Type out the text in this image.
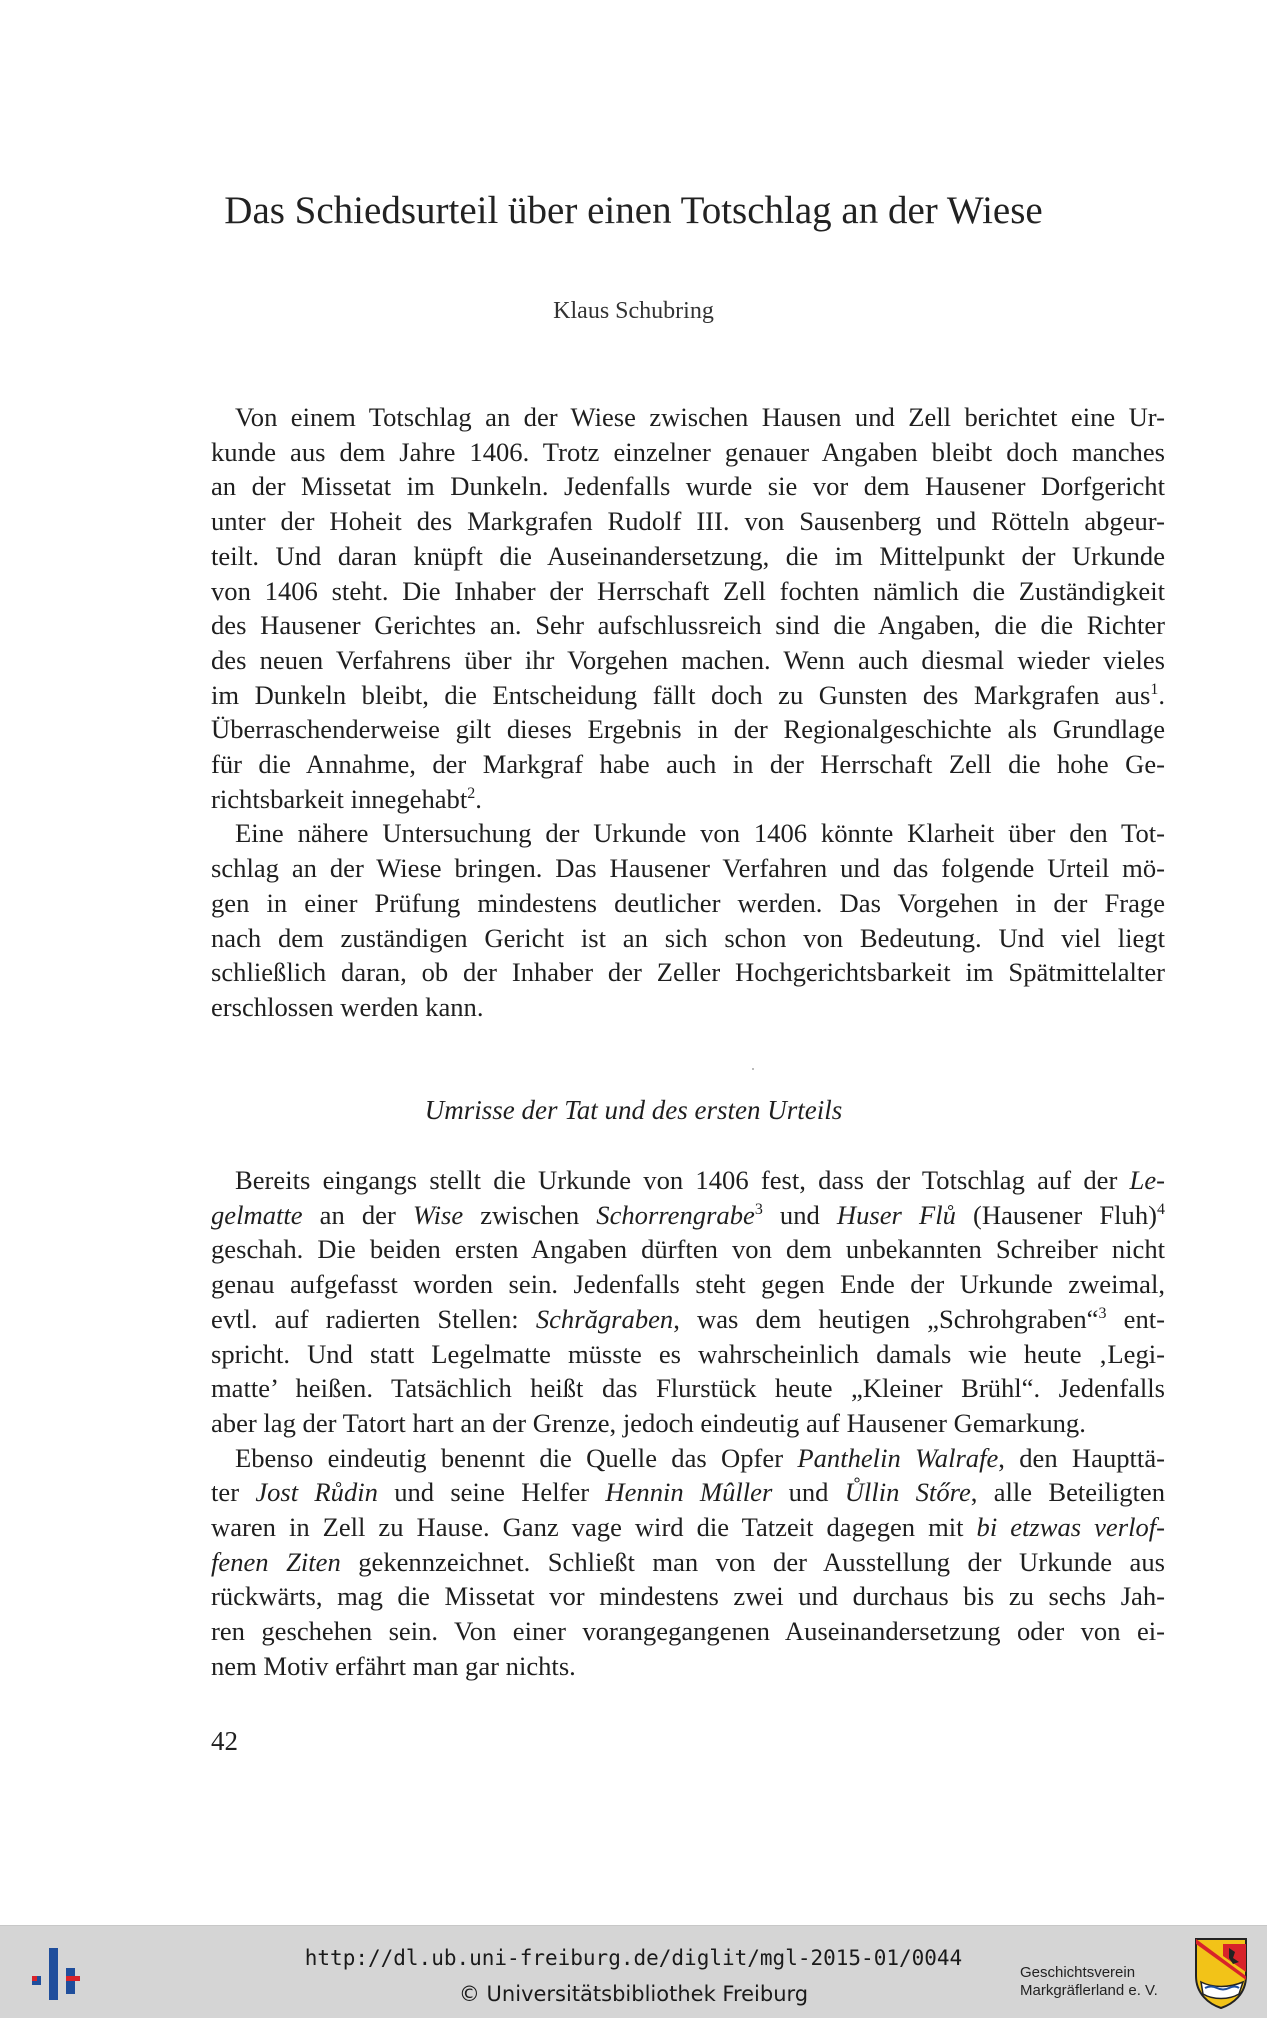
Das Schiedsurteil über einen Totschlag an der Wiese
Klaus Schubring
Von einem Totschlag an der Wiese zwischen Hausen und Zell berichtet eine Ur-
kunde aus dem Jahre 1406. Trotz einzelner genauer Angaben bleibt doch manches
an der Missetat im Dunkeln. Jedenfalls wurde sie vor dem Hausener Dorfgericht
unter der Hoheit des Markgrafen Rudolf III. von Sausenberg und Rötteln abgeur-
teilt. Und daran knüpft die Auseinandersetzung, die im Mittelpunkt der Urkunde
von 1406 steht. Die Inhaber der Herrschaft Zell fochten nämlich die Zuständigkeit
des Hausener Gerichtes an. Sehr aufschlussreich sind die Angaben, die die Richter
des neuen Verfahrens über ihr Vorgehen machen. Wenn auch diesmal wieder vieles
im Dunkeln bleibt, die Entscheidung fällt doch zu Gunsten des Markgrafen aus$^1$.
Überraschenderweise gilt dieses Ergebnis in der Regionalgeschichte als Grundlage
für die Annahme, der Markgraf habe auch in der Herrschaft Zell die hohe Ge-
richtsbarkeit innegehabt$^2$.
Eine nähere Untersuchung der Urkunde von 1406 könnte Klarheit über den Tot-
schlag an der Wiese bringen. Das Hausener Verfahren und das folgende Urteil mö-
gen in einer Prüfung mindestens deutlicher werden. Das Vorgehen in der Frage
nach dem zuständigen Gericht ist an sich schon von Bedeutung. Und viel liegt
schließlich daran, ob der Inhaber der Zeller Hochgerichtsbarkeit im Spätmittelalter
erschlossen werden kann.
Umrisse der Tat und des ersten Urteils
Bereits eingangs stellt die Urkunde von 1406 fest, dass der Totschlag auf der Le-
gelmatte an der Wise zwischen Schorrengrabe$^3$ und Huser Flů (Hausener Fluh)$^4$
geschah. Die beiden ersten Angaben dürften von dem unbekannten Schreiber nicht
genau aufgefasst worden sein. Jedenfalls steht gegen Ende der Urkunde zweimal,
evtl. auf radierten Stellen: Schrăgraben, was dem heutigen „Schrohgraben“$^3$ ent-
spricht. Und statt Legelmatte müsste es wahrscheinlich damals wie heute ‚Legi-
matte’ heißen. Tatsächlich heißt das Flurstück heute „Kleiner Brühl“. Jedenfalls
aber lag der Tatort hart an der Grenze, jedoch eindeutig auf Hausener Gemarkung.
Ebenso eindeutig benennt die Quelle das Opfer Panthelin Walrafe, den Haupttä-
ter Jost Růdin und seine Helfer Hennin Mûller und Ůllin Stőre, alle Beteiligten
waren in Zell zu Hause. Ganz vage wird die Tatzeit dagegen mit bi etzwas verlof-
fenen Ziten gekennzeichnet. Schließt man von der Ausstellung der Urkunde aus
rückwärts, mag die Missetat vor mindestens zwei und durchaus bis zu sechs Jah-
ren geschehen sein. Von einer vorangegangenen Auseinandersetzung oder von ei-
nem Motiv erfährt man gar nichts.
42
http://dl.ub.uni-freiburg.de/diglit/mgl-2015-01/0044
© Universitätsbibliothek Freiburg
Geschichtsverein
Markgräflerland e. V.
